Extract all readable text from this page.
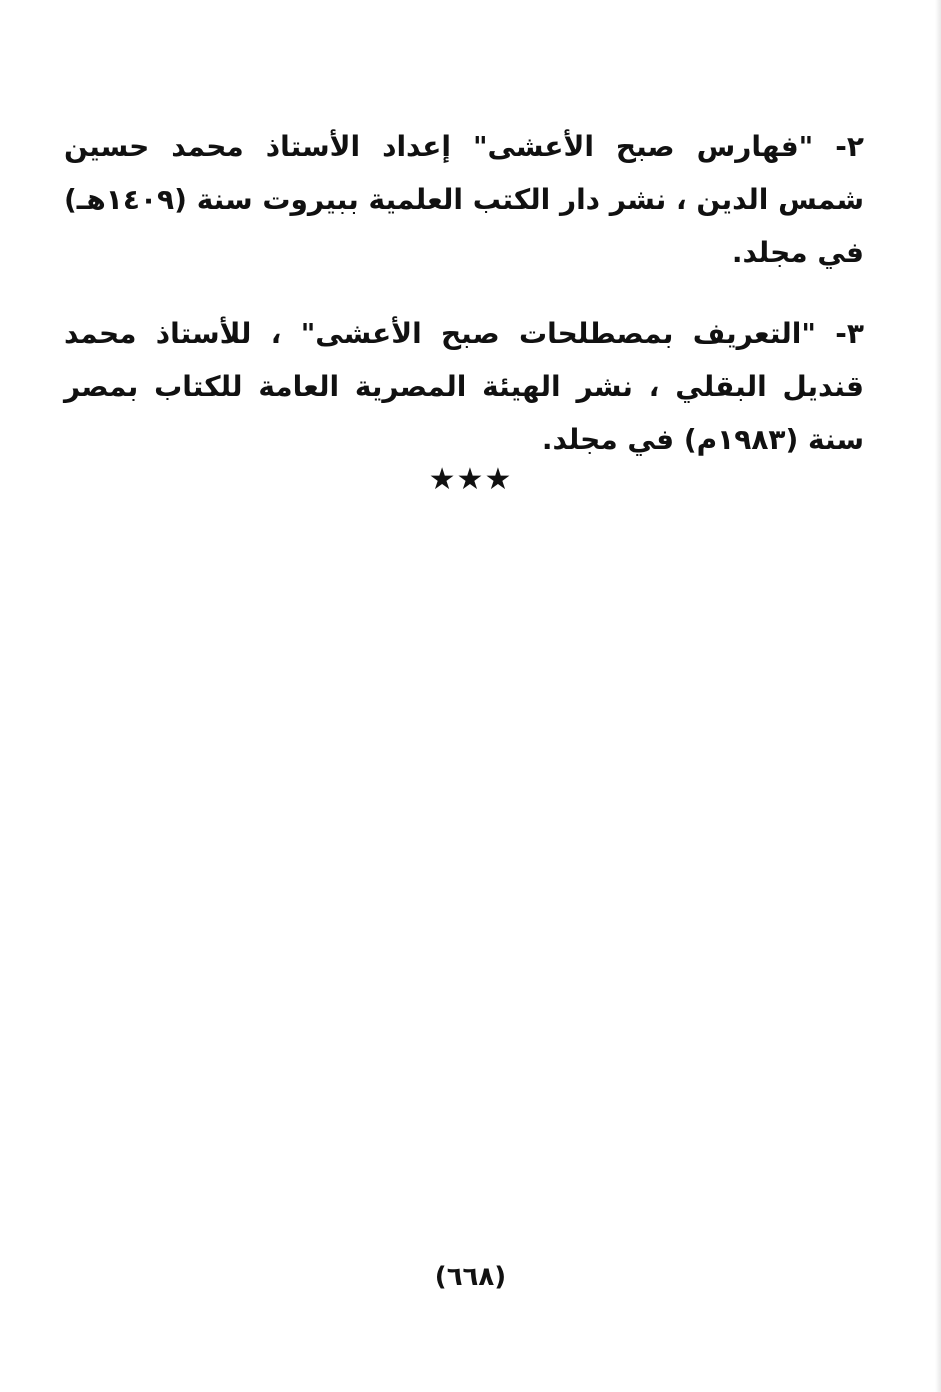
٢- "فهارس صبح الأعشى" إعداد الأستاذ محمد حسين شمس الدين ، نشر دار الكتب العلمية ببيروت سنة (١٤٠٩هـ) في مجلد.

٣- "التعريف بمصطلحات صبح الأعشى" ، للأستاذ محمد قنديل البقلي ، نشر الهيئة المصرية العامة للكتاب بمصر سنة (١٩٨٣م) في مجلد.

★★★
(٦٦٨)
